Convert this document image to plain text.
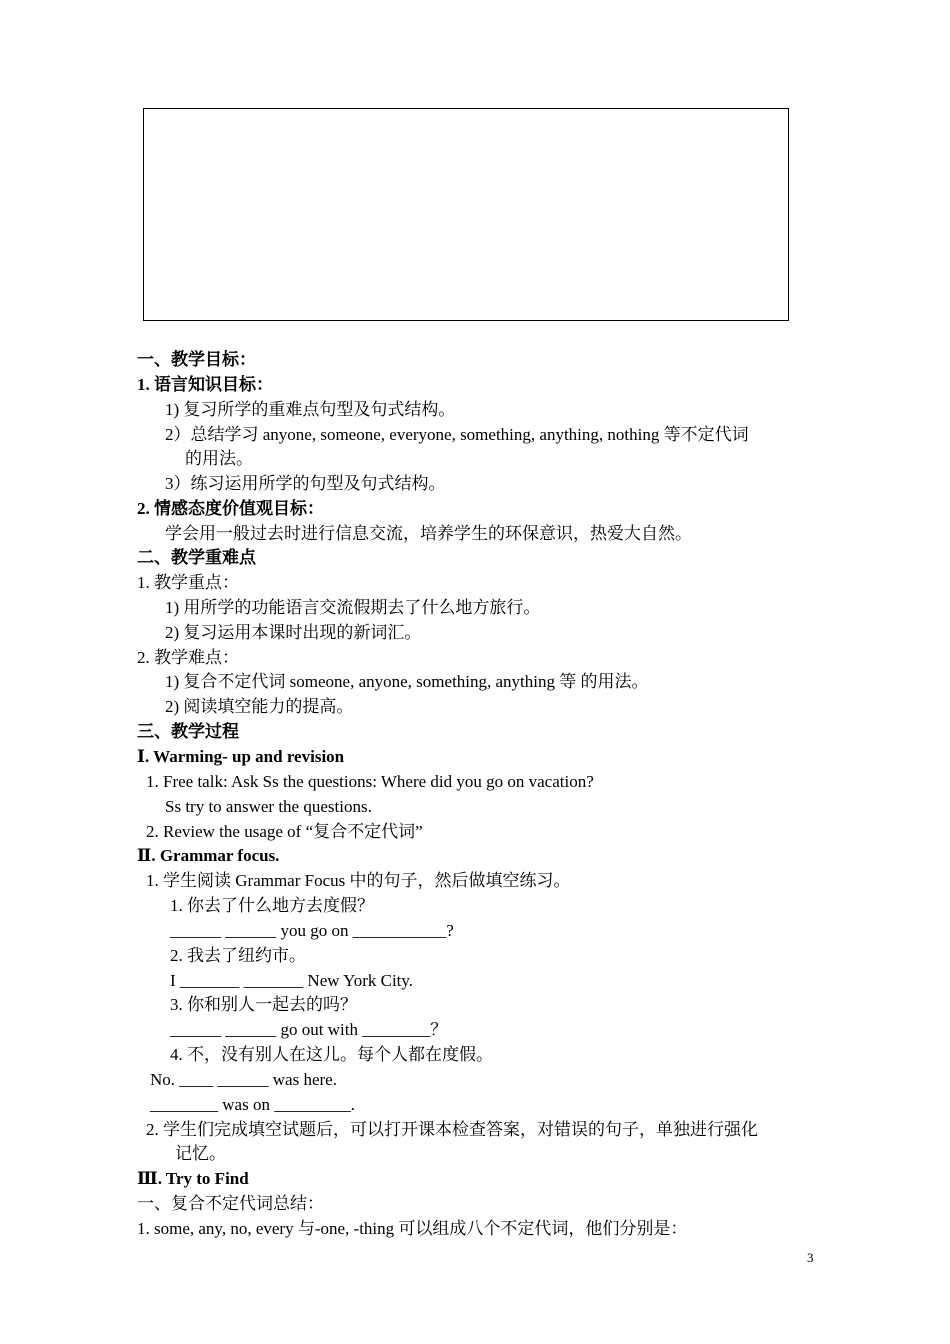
一、教学目标：
1. 语言知识目标：
1) 复习所学的重难点句型及句式结构。
2）总结学习 anyone, someone, everyone, something, anything, nothing 等不定代词
的用法。
3）练习运用所学的句型及句式结构。
2. 情感态度价值观目标：
学会用一般过去时进行信息交流，培养学生的环保意识，热爱大自然。
二、教学重难点
1. 教学重点：
1) 用所学的功能语言交流假期去了什么地方旅行。
2) 复习运用本课时出现的新词汇。
2. 教学难点：
1) 复合不定代词 someone, anyone, something, anything 等 的用法。
2) 阅读填空能力的提高。
三、教学过程
Ⅰ. Warming- up and revision
1. Free talk: Ask Ss the questions: Where did you go on vacation?
Ss try to answer the questions.
2. Review the usage of “复合不定代词”
Ⅱ. Grammar focus.
1. 学生阅读 Grammar Focus 中的句子，然后做填空练习。
1. 你去了什么地方去度假？
______ ______ you go on ___________?
2. 我去了纽约市。
I _______ _______ New York City.
3. 你和别人一起去的吗？
______ ______ go out with ________？
4. 不，没有别人在这儿。每个人都在度假。
No. ____ ______ was here.
________ was on _________.
2. 学生们完成填空试题后，可以打开课本检查答案，对错误的句子，单独进行强化
记忆。
Ⅲ. Try to Find
一、复合不定代词总结：
1. some, any, no, every 与-one, -thing 可以组成八个不定代词，他们分别是：
3
